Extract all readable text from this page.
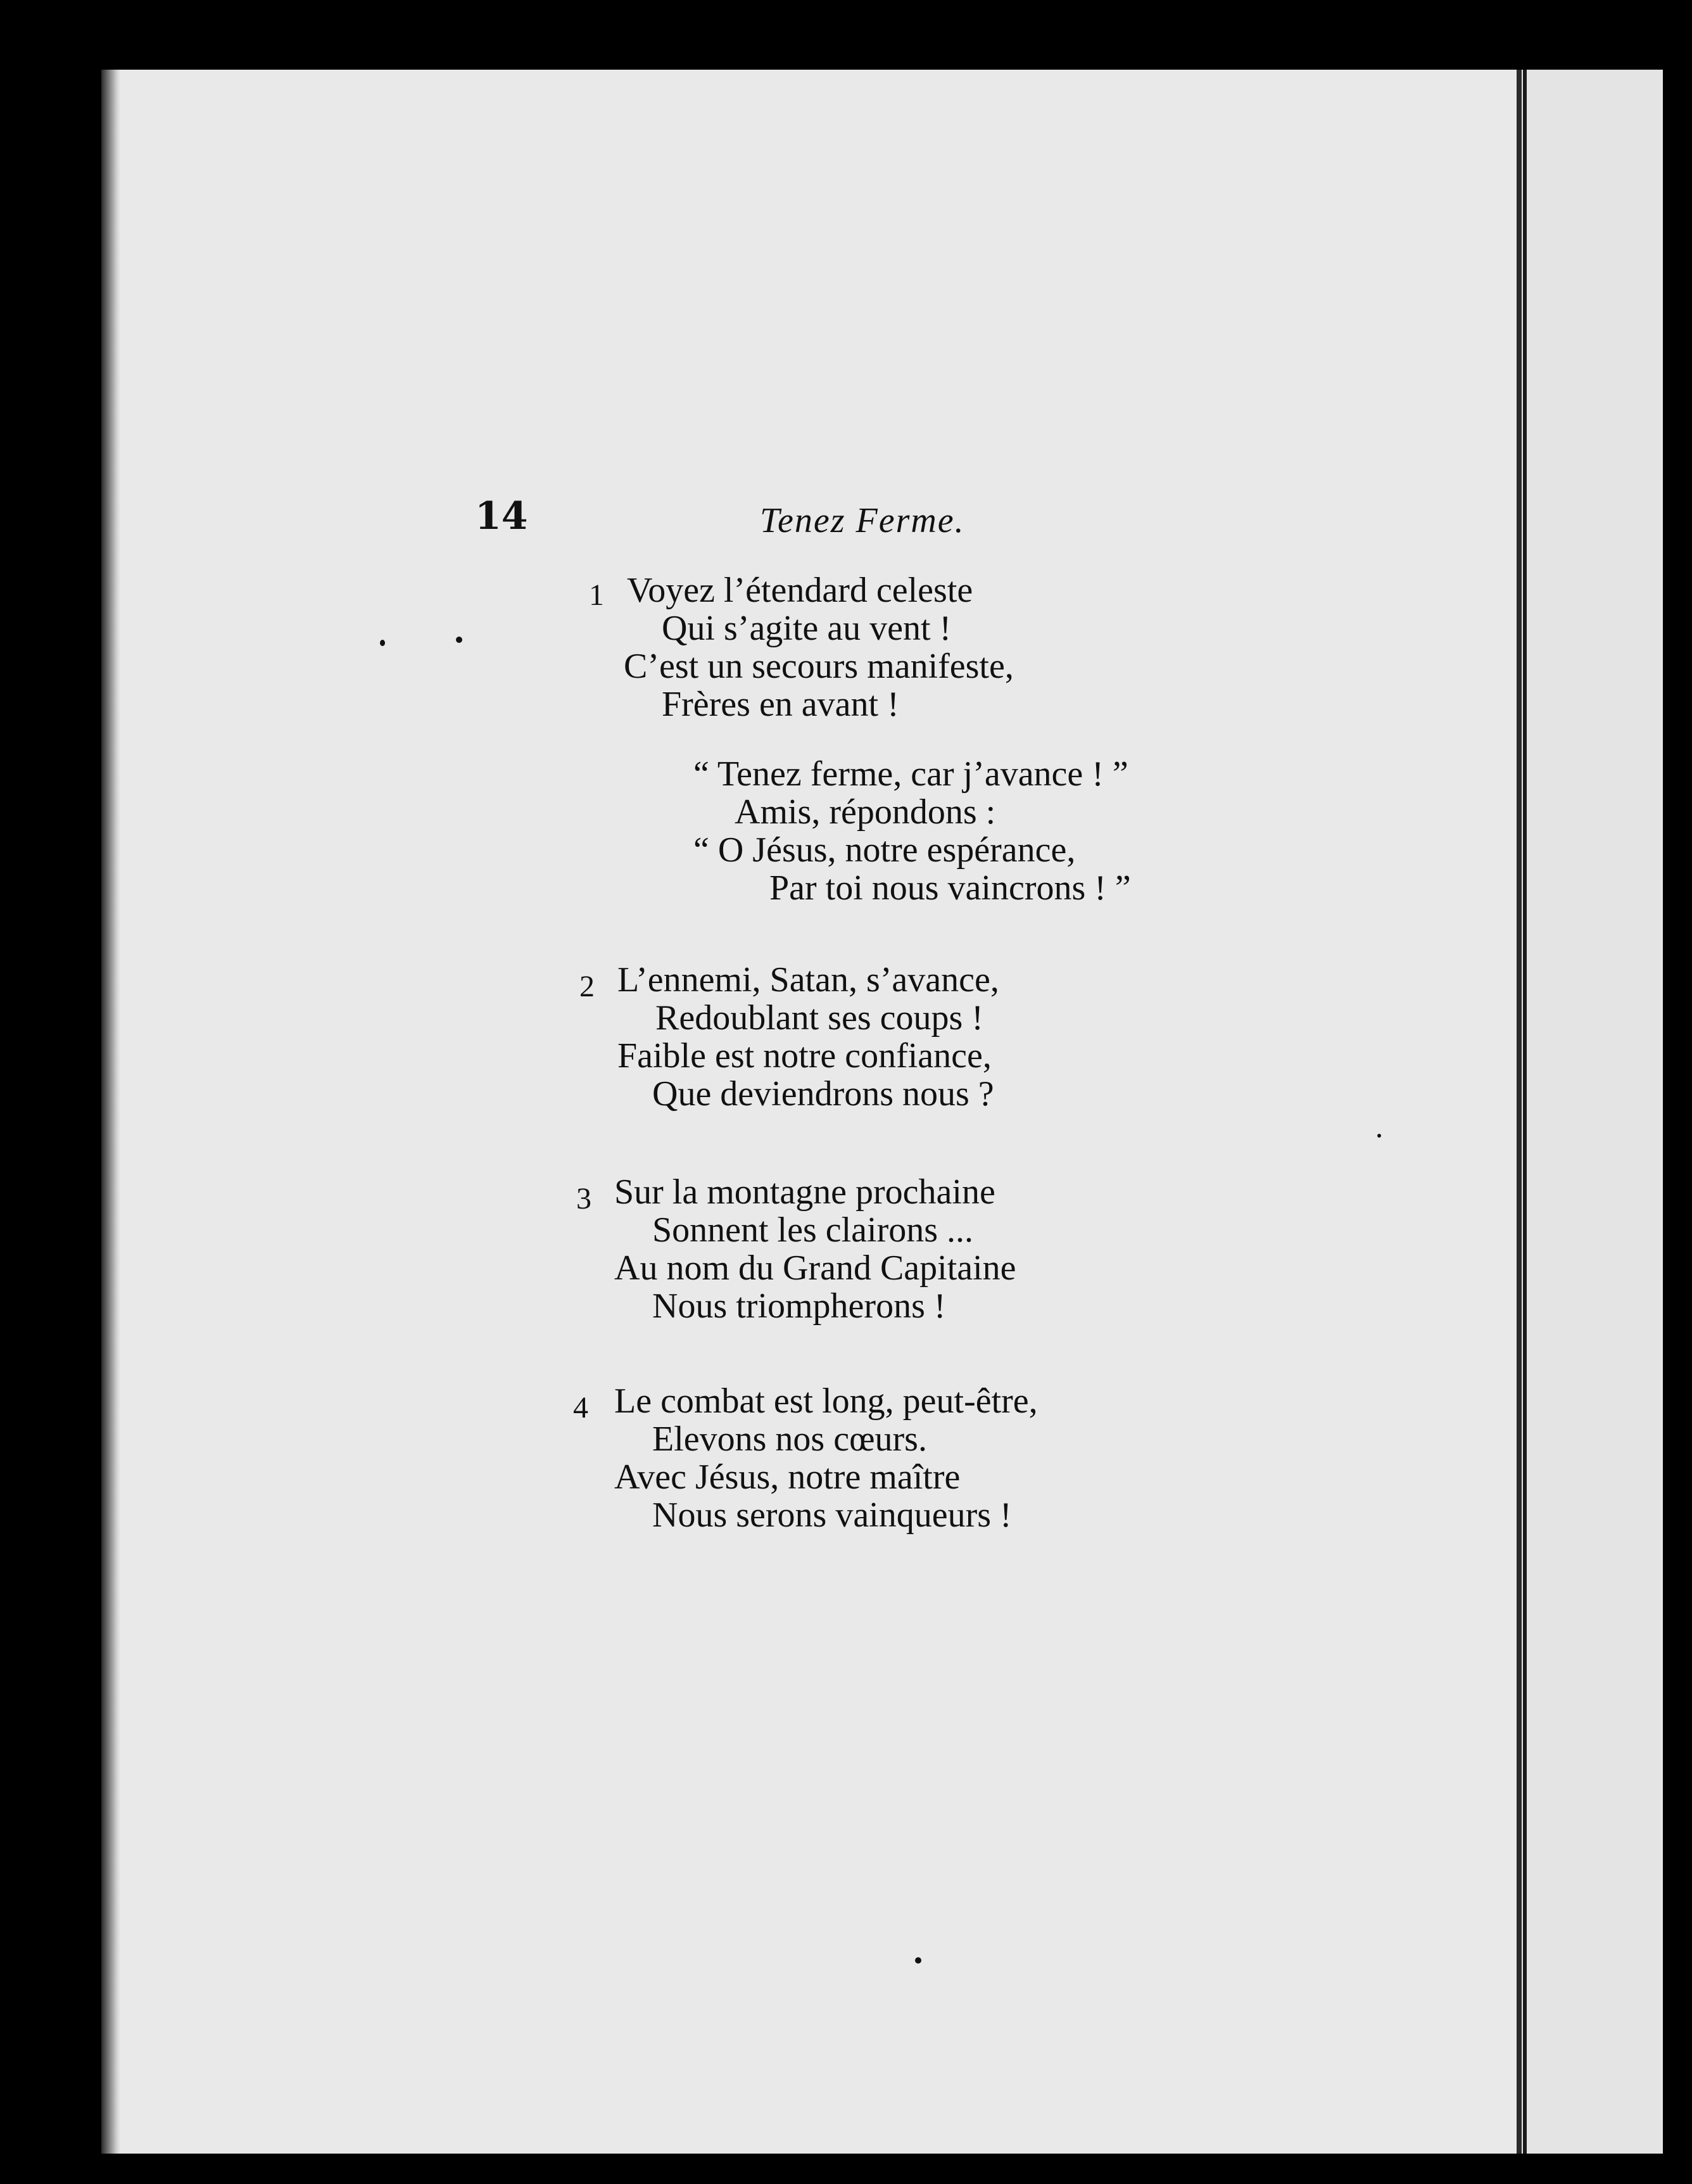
14	Tenez Ferme.
1 Voyez l’étendard celeste
Qui s’agite au vent !
C’est un secours manifeste,
Frères en avant !
“ Tenez ferme, car j’avance ! ”
Amis, répondons :
“ O Jésus, notre espérance,
Par toi nous vaincrons ! ”
2 L’ennemi, Satan, s’avance,
Redoublant ses coups !
Faible est notre confiance,
Que deviendrons nous ?
3 Sur la montagne prochaine
Sonnent les clairons ...
Au nom du Grand Capitaine
Nous triompherons !
4 Le combat est long, peut-être,
Elevons nos cœurs.
Avec Jésus, notre maître
Nous serons vainqueurs !
